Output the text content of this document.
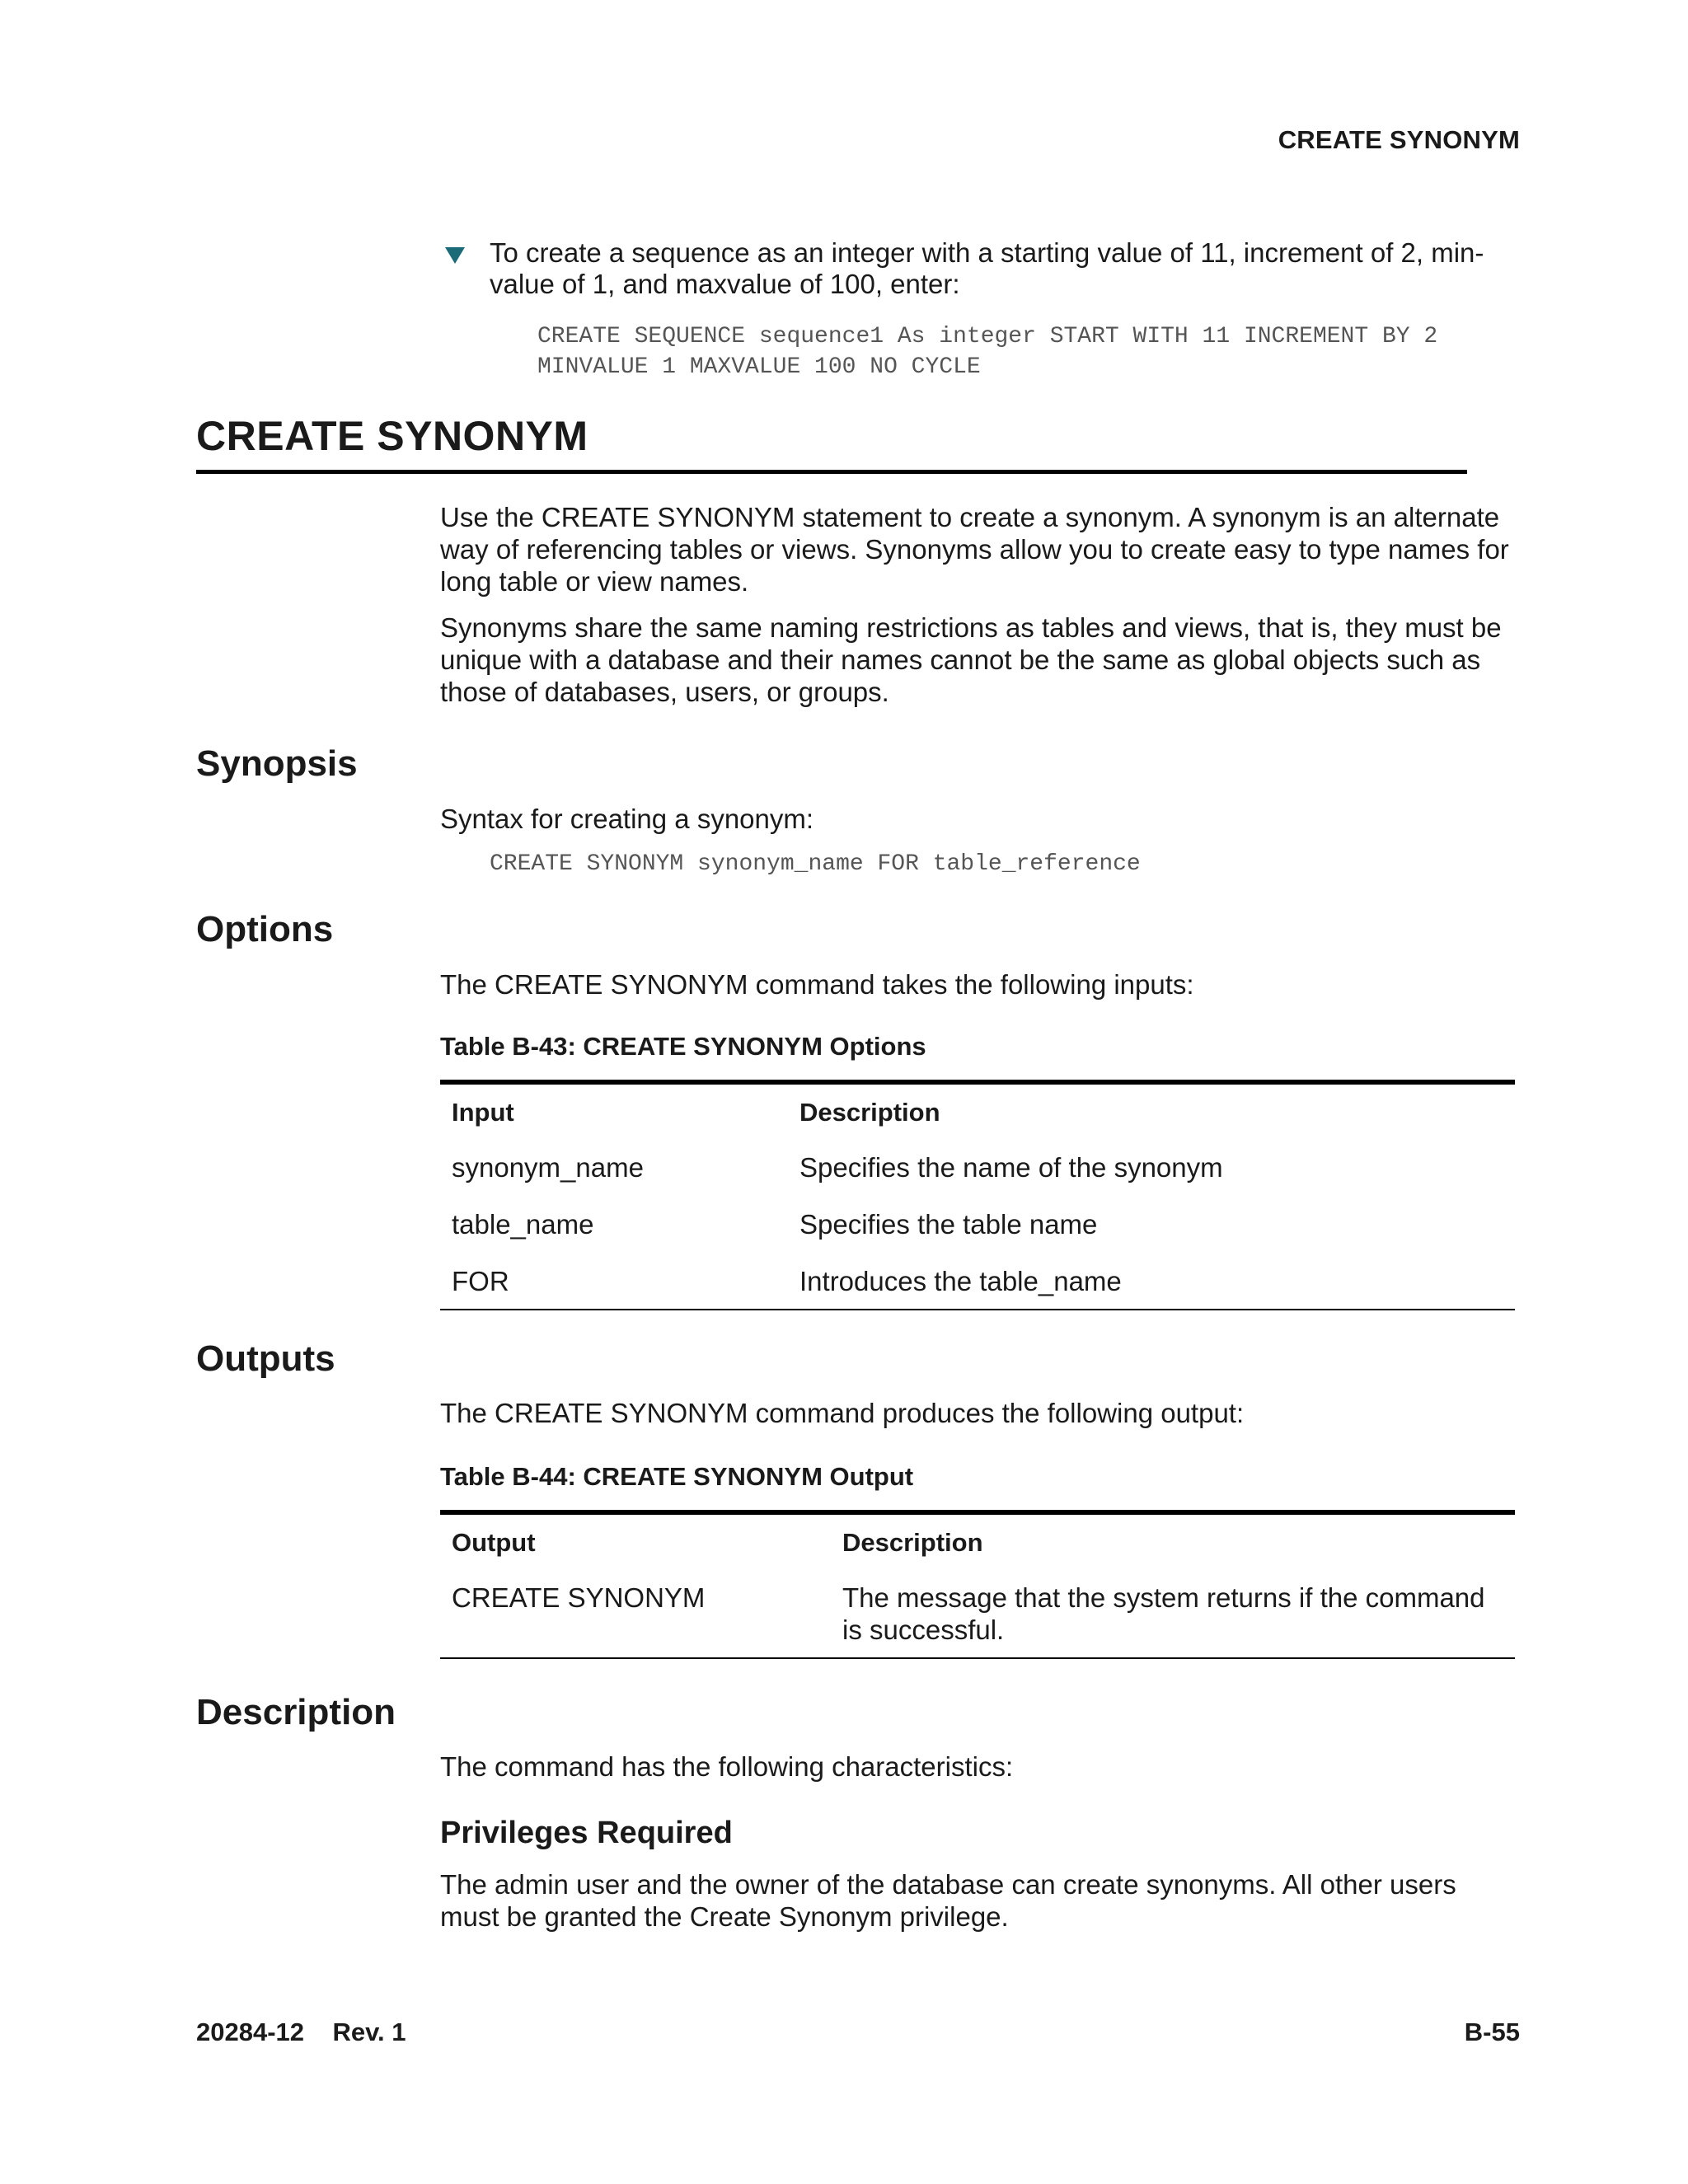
CREATE SYNONYM
To create a sequence as an integer with a starting value of 11, increment of 2, min-value of 1, and maxvalue of 100, enter:
CREATE SEQUENCE sequence1 As integer START WITH 11 INCREMENT BY 2
MINVALUE 1 MAXVALUE 100 NO CYCLE
CREATE SYNONYM
Use the CREATE SYNONYM statement to create a synonym. A synonym is an alternate way of referencing tables or views. Synonyms allow you to create easy to type names for long table or view names.
Synonyms share the same naming restrictions as tables and views, that is, they must be unique with a database and their names cannot be the same as global objects such as those of databases, users, or groups.
Synopsis
Syntax for creating a synonym:
CREATE SYNONYM synonym_name FOR table_reference
Options
The CREATE SYNONYM command takes the following inputs:
Table B-43: CREATE SYNONYM Options
Input	Description
synonym_name	Specifies the name of the synonym
table_name	Specifies the table name
FOR	Introduces the table_name
Outputs
The CREATE SYNONYM command produces the following output:
Table B-44: CREATE SYNONYM Output
Output	Description
CREATE SYNONYM	The message that the system returns if the command is successful.
Description
The command has the following characteristics:
Privileges Required
The admin user and the owner of the database can create synonyms. All other users must be granted the Create Synonym privilege.
20284-12    Rev. 1	B-55
